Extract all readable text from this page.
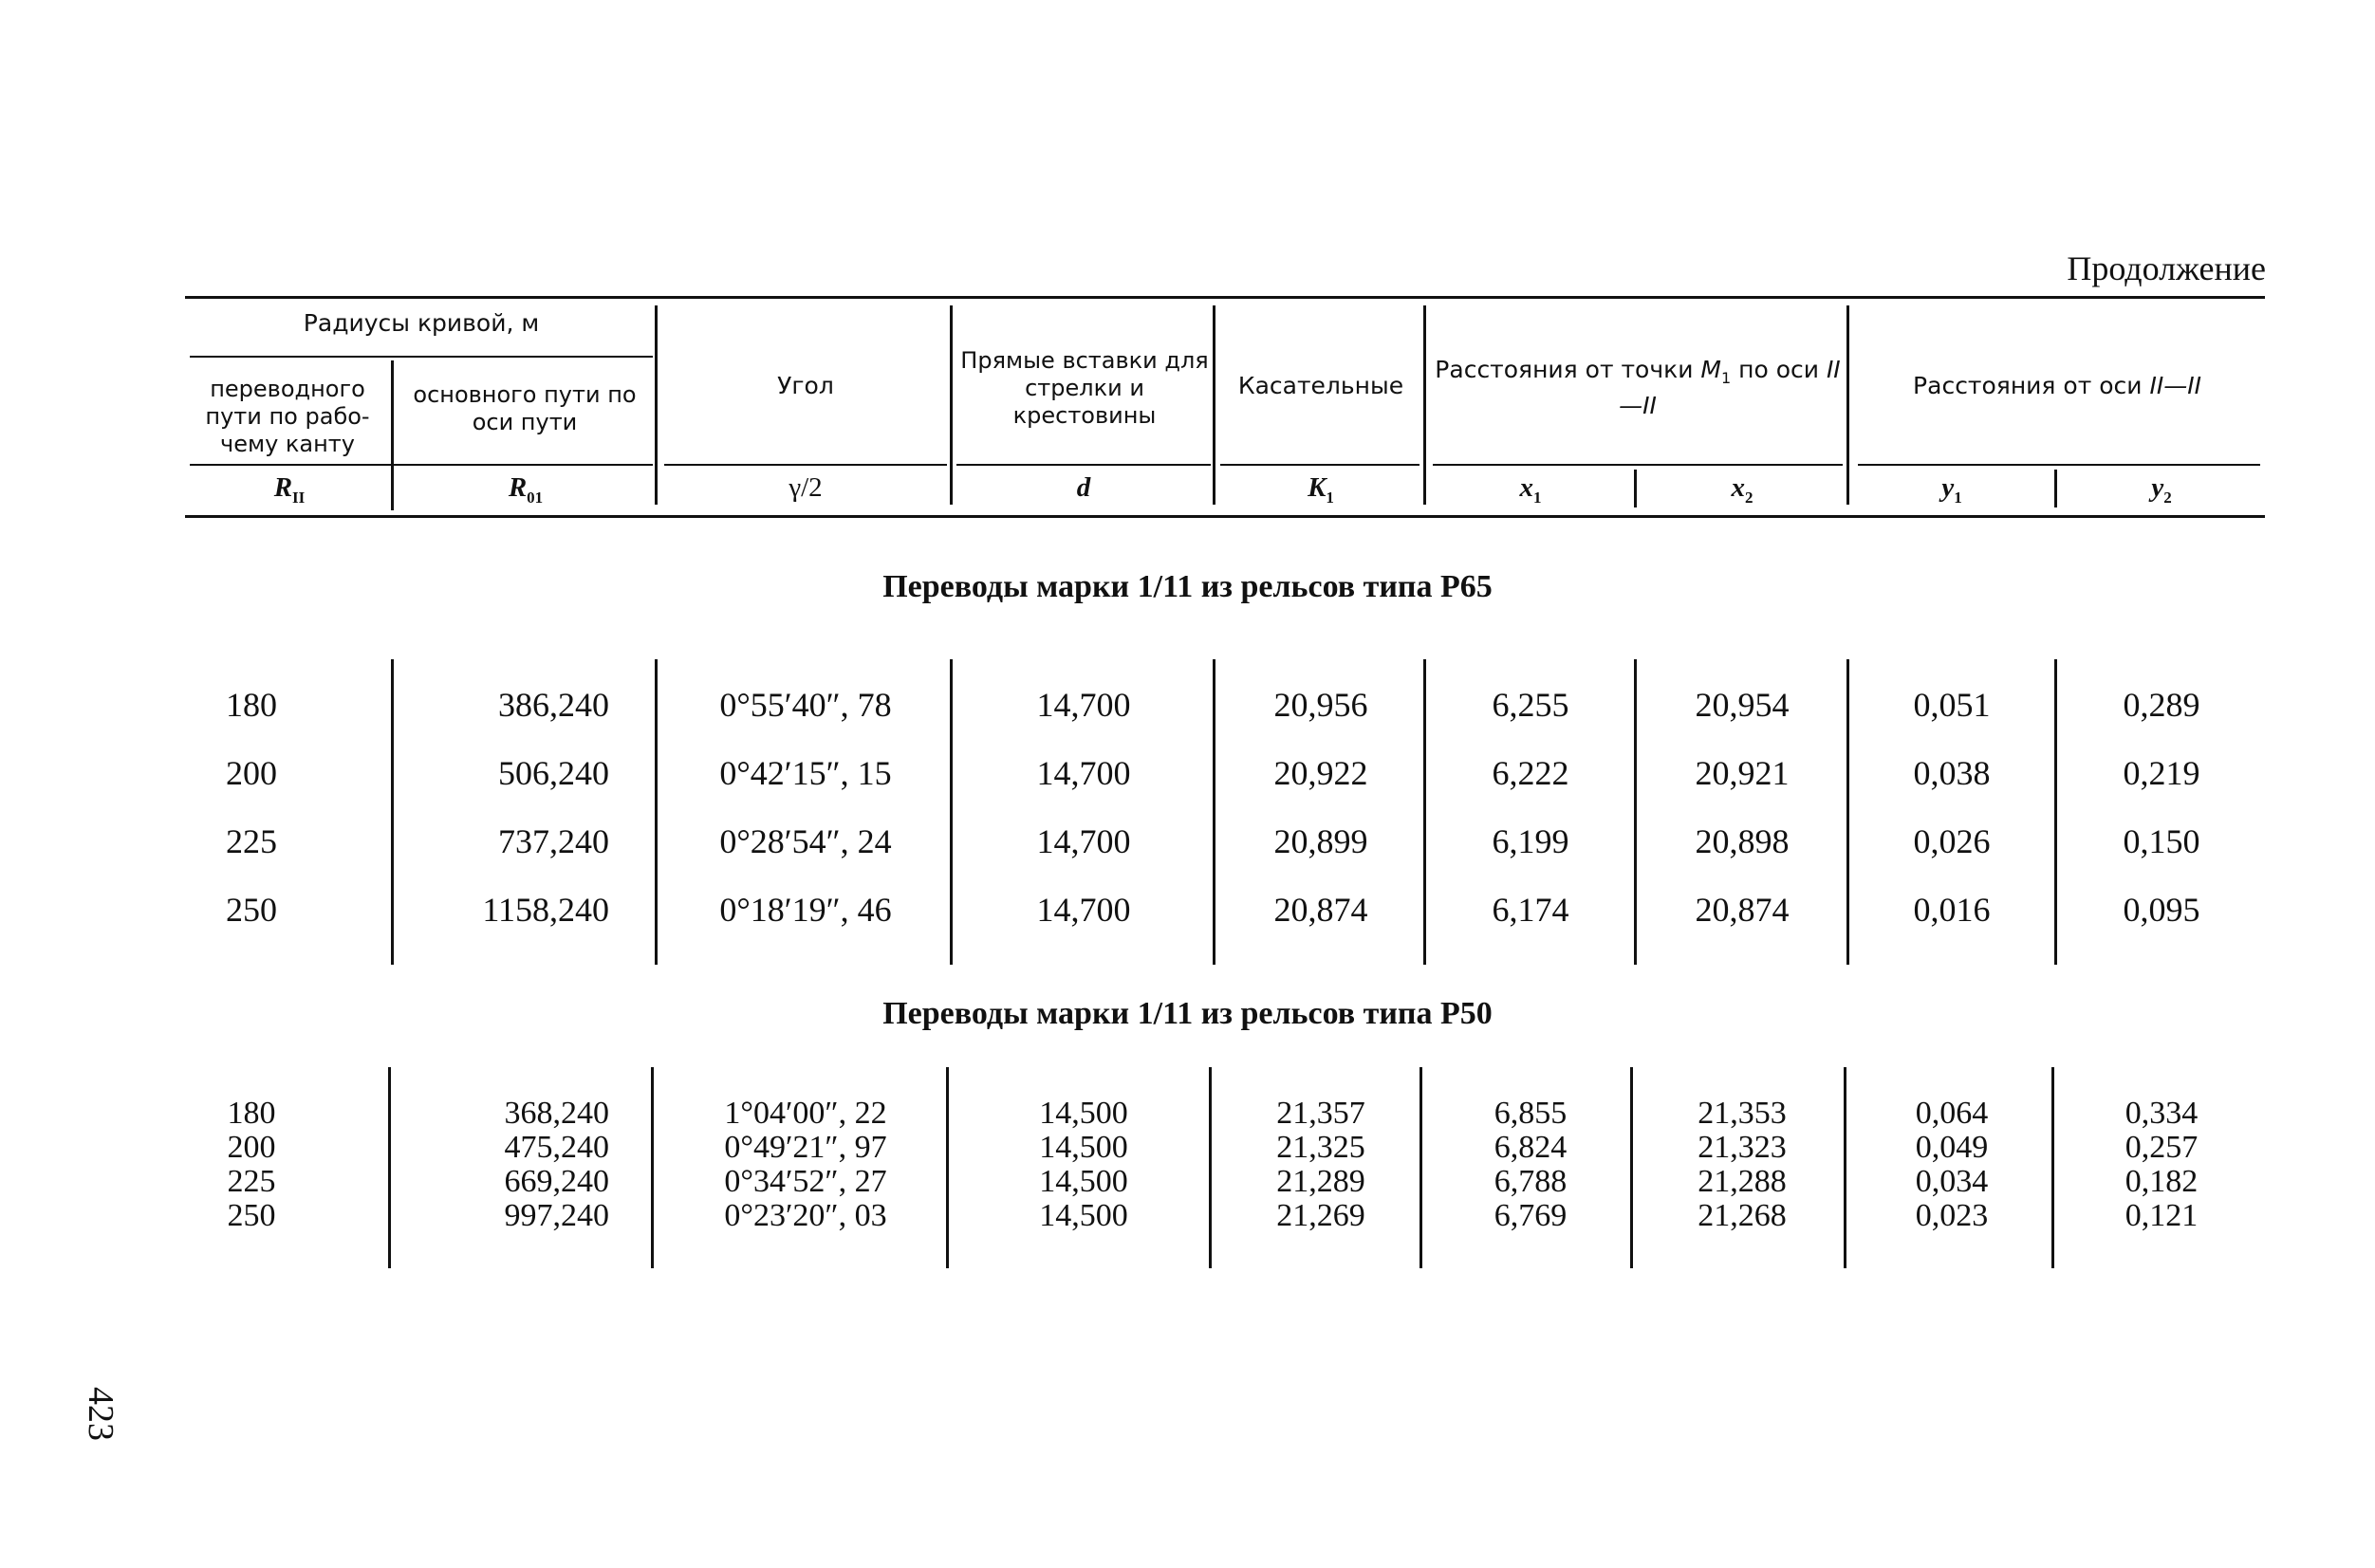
Продолжение
Радиусы кривой, м
переводного пути по рабо-чему канту
основного пути по оси пути
Угол
Прямые вставки для стрелки и крестовины
Касательные
Расстояния от точки $M_1$ по оси II—II
Расстояния от оси II—II
$R_{II}$	$R_{01}$	γ/2	d	$K_1$	$x_1$	$x_2$	$y_1$	$y_2$
Переводы марки 1/11 из рельсов типа Р65
Переводы марки 1/11 из рельсов типа Р50
180	386,240	0°55′40″, 78	14,700	20,956	6,255	20,954	0,051	0,289
200	506,240	0°42′15″, 15	14,700	20,922	6,222	20,921	0,038	0,219
225	737,240	0°28′54″, 24	14,700	20,899	6,199	20,898	0,026	0,150
250	1158,240	0°18′19″, 46	14,700	20,874	6,174	20,874	0,016	0,095
180	368,240	1°04′00″, 22	14,500	21,357	6,855	21,353	0,064	0,334
200	475,240	0°49′21″, 97	14,500	21,325	6,824	21,323	0,049	0,257
225	669,240	0°34′52″, 27	14,500	21,289	6,788	21,288	0,034	0,182
250	997,240	0°23′20″, 03	14,500	21,269	6,769	21,268	0,023	0,121
423
